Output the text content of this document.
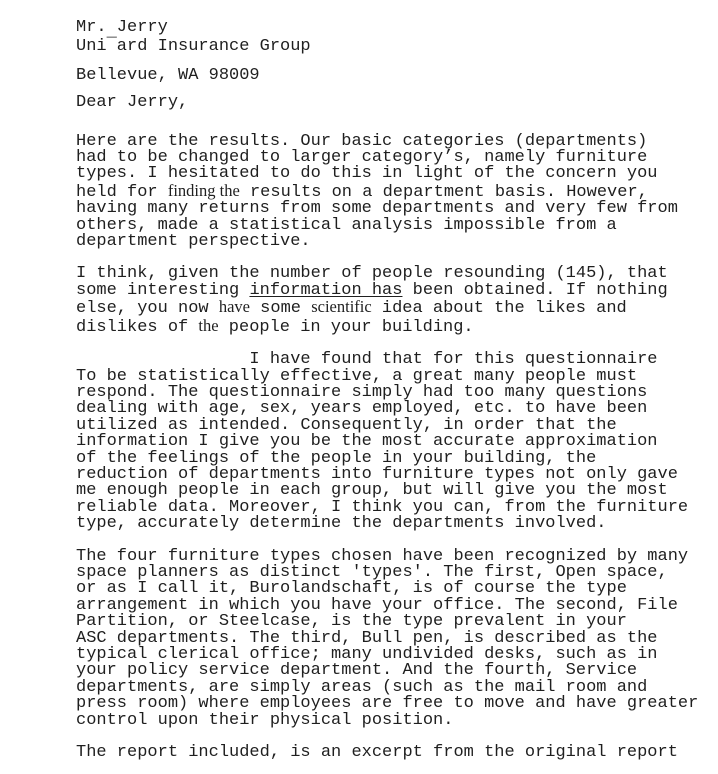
Mr. Jerry
Uni¯ard Insurance Group
Bellevue, WA 98009
Dear Jerry,
Here are the results. Our basic categories (departments)
had to be changed to larger category’s, namely furniture
types. I hesitated to do this in light of the concern you
held for finding the results on a department basis. However,
having many returns from some departments and very few from
others, made a statistical analysis impossible from a
department perspective.
I think, given the number of people resounding (145), that
some interesting information has been obtained. If nothing
else, you now have some scientific idea about the likes and
dislikes of the people in your building.
I have found that for this questionnaire
To be statistically effective, a great many people must
respond. The questionnaire simply had too many questions
dealing with age, sex, years employed, etc. to have been
utilized as intended. Consequently, in order that the
information I give you be the most accurate approximation
of the feelings of the people in your building, the
reduction of departments into furniture types not only gave
me enough people in each group, but will give you the most
reliable data. Moreover, I think you can, from the furniture
type, accurately determine the departments involved.
The four furniture types chosen have been recognized by many
space planners as distinct 'types'. The first, Open space,
or as I call it, Burolandschaft, is of course the type
arrangement in which you have your office. The second, File
Partition, or Steelcase, is the type prevalent in your
ASC departments. The third, Bull pen, is described as the
typical clerical office; many undivided desks, such as in
your policy service department. And the fourth, Service
departments, are simply areas (such as the mail room and
press room) where employees are free to move and have greater
control upon their physical position.
The report included, is an excerpt from the original report
